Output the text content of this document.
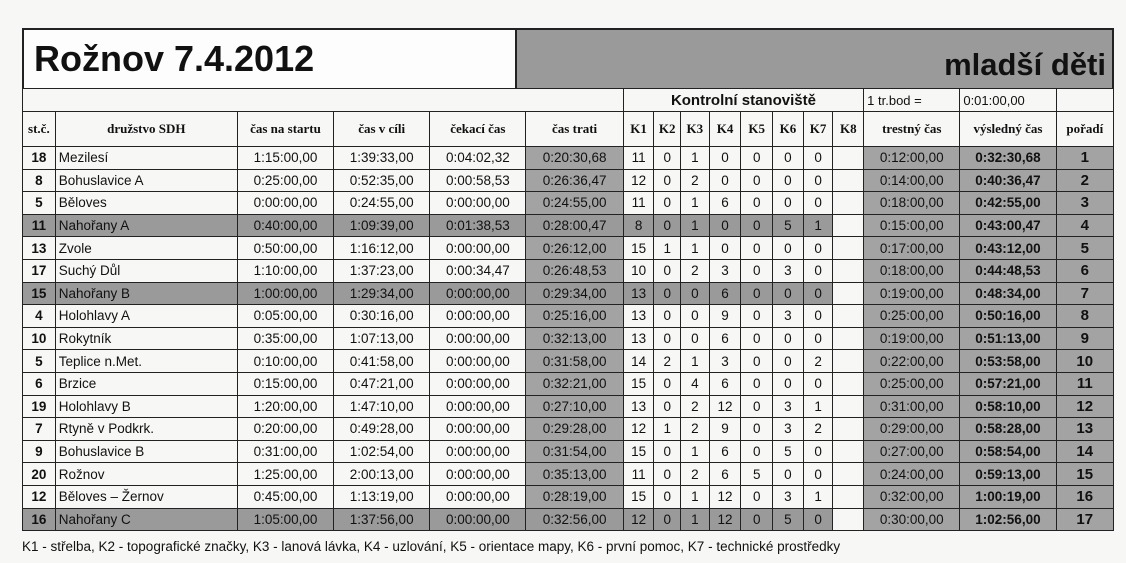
Rožnov 7.4.2012	mladší děti
						Kontrolní stanoviště								1 tr.bod =	0:01:00,00	
st.č.	družstvo SDH	čas na startu	čas v cíli	čekací čas	čas trati	K1	K2	K3	K4	K5	K6	K7	K8	trestný čas	výsledný čas	pořadí
18	Mezilesí	1:15:00,00	1:39:33,00	0:04:02,32	0:20:30,68	11	0	1	0	0	0	0		0:12:00,00	0:32:30,68	1
8	Bohuslavice A	0:25:00,00	0:52:35,00	0:00:58,53	0:26:36,47	12	0	2	0	0	0	0		0:14:00,00	0:40:36,47	2
5	Běloves	0:00:00,00	0:24:55,00	0:00:00,00	0:24:55,00	11	0	1	6	0	0	0		0:18:00,00	0:42:55,00	3
11	Nahořany A	0:40:00,00	1:09:39,00	0:01:38,53	0:28:00,47	8	0	1	0	0	5	1		0:15:00,00	0:43:00,47	4
13	Zvole	0:50:00,00	1:16:12,00	0:00:00,00	0:26:12,00	15	1	1	0	0	0	0		0:17:00,00	0:43:12,00	5
17	Suchý Důl	1:10:00,00	1:37:23,00	0:00:34,47	0:26:48,53	10	0	2	3	0	3	0		0:18:00,00	0:44:48,53	6
15	Nahořany B	1:00:00,00	1:29:34,00	0:00:00,00	0:29:34,00	13	0	0	6	0	0	0		0:19:00,00	0:48:34,00	7
4	Holohlavy A	0:05:00,00	0:30:16,00	0:00:00,00	0:25:16,00	13	0	0	9	0	3	0		0:25:00,00	0:50:16,00	8
10	Rokytník	0:35:00,00	1:07:13,00	0:00:00,00	0:32:13,00	13	0	0	6	0	0	0		0:19:00,00	0:51:13,00	9
5	Teplice n.Met.	0:10:00,00	0:41:58,00	0:00:00,00	0:31:58,00	14	2	1	3	0	0	2		0:22:00,00	0:53:58,00	10
6	Brzice	0:15:00,00	0:47:21,00	0:00:00,00	0:32:21,00	15	0	4	6	0	0	0		0:25:00,00	0:57:21,00	11
19	Holohlavy B	1:20:00,00	1:47:10,00	0:00:00,00	0:27:10,00	13	0	2	12	0	3	1		0:31:00,00	0:58:10,00	12
7	Rtyně v Podkrk.	0:20:00,00	0:49:28,00	0:00:00,00	0:29:28,00	12	1	2	9	0	3	2		0:29:00,00	0:58:28,00	13
9	Bohuslavice B	0:31:00,00	1:02:54,00	0:00:00,00	0:31:54,00	15	0	1	6	0	5	0		0:27:00,00	0:58:54,00	14
20	Rožnov	1:25:00,00	2:00:13,00	0:00:00,00	0:35:13,00	11	0	2	6	5	0	0		0:24:00,00	0:59:13,00	15
12	Běloves – Žernov	0:45:00,00	1:13:19,00	0:00:00,00	0:28:19,00	15	0	1	12	0	3	1		0:32:00,00	1:00:19,00	16
16	Nahořany C	1:05:00,00	1:37:56,00	0:00:00,00	0:32:56,00	12	0	1	12	0	5	0		0:30:00,00	1:02:56,00	17
K1 - střelba, K2 - topografické značky, K3 - lanová lávka, K4 - uzlování, K5 - orientace mapy, K6 - první pomoc, K7 - technické prostředky
